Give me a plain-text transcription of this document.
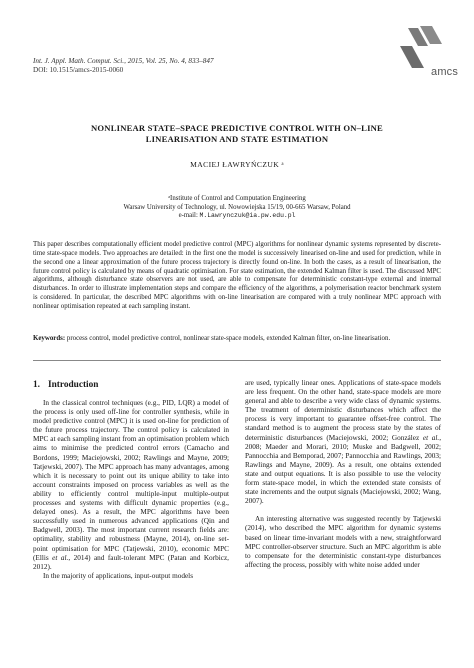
Int. J. Appl. Math. Comput. Sci., 2015, Vol. 25, No. 4, 833–847
DOI: 10.1515/amcs-2015-0060	amcs
NONLINEAR STATE–SPACE PREDICTIVE CONTROL WITH ON–LINE
LINEARISATION AND STATE ESTIMATION
MACIEJ ŁAWRYŃCZUK ᵃ
ᵃInstitute of Control and Computation Engineering
Warsaw University of Technology, ul. Nowowiejska 15/19, 00-665 Warsaw, Poland
e-mail: M.Lawrynczuk@ia.pw.edu.pl
This paper describes computationally efficient model predictive control (MPC) algorithms for nonlinear dynamic systems represented by discrete-time state-space models. Two approaches are detailed: in the first one the model is successively linearised on-line and used for prediction, while in the second one a linear approximation of the future process trajectory is directly found on-line. In both the cases, as a result of linearisation, the future control policy is calculated by means of quadratic optimisation. For state estimation, the extended Kalman filter is used. The discussed MPC algorithms, although disturbance state observers are not used, are able to compensate for deterministic constant-type external and internal disturbances. In order to illustrate implementation steps and compare the efficiency of the algorithms, a polymerisation reactor benchmark system is considered. In particular, the described MPC algorithms with on-line linearisation are compared with a truly nonlinear MPC approach with nonlinear optimisation repeated at each sampling instant.
Keywords: process control, model predictive control, nonlinear state-space models, extended Kalman filter, on-line linearisation.
1. Introduction

In the classical control techniques (e.g., PID, LQR) a model of the process is only used off-line for controller synthesis, while in model predictive control (MPC) it is used on-line for prediction of the future process trajectory. The control policy is calculated in MPC at each sampling instant from an optimisation problem which aims to minimise the predicted control errors (Camacho and Bordons, 1999; Maciejowski, 2002; Rawlings and Mayne, 2009; Tatjewski, 2007). The MPC approach has many advantages, among which it is necessary to point out its unique ability to take into account constraints imposed on process variables as well as the ability to efficiently control multiple-input multiple-output processes and systems with difficult dynamic properties (e.g., delayed ones). As a result, the MPC algorithms have been successfully used in numerous advanced applications (Qin and Badgwell, 2003). The most important current research fields are: optimality, stability and robustness (Mayne, 2014), on-line set-point optimisation for MPC (Tatjewski, 2010), economic MPC (Ellis et al., 2014) and fault-tolerant MPC (Patan and Korbicz, 2012).

In the majority of applications, input-output models

are used, typically linear ones. Applications of state-space models are less frequent. On the other hand, state-space models are more general and able to describe a very wide class of dynamic systems. The treatment of deterministic disturbances which affect the process is very important to guarantee offset-free control. The standard method is to augment the process state by the states of deterministic disturbances (Maciejowski, 2002; González et al., 2008; Maeder and Morari, 2010; Muske and Badgwell, 2002; Pannocchia and Bemporad, 2007; Pannocchia and Rawlings, 2003; Rawlings and Mayne, 2009). As a result, one obtains extended state and output equations. It is also possible to use the velocity form state-space model, in which the extended state consists of state increments and the output signals (Maciejowski, 2002; Wang, 2007).

An interesting alternative was suggested recently by Tatjewski (2014), who described the MPC algorithm for dynamic systems based on linear time-invariant models with a new, straightforward MPC controller-observer structure. Such an MPC algorithm is able to compensate for the deterministic constant-type disturbances affecting the process, possibly with white noise added under
